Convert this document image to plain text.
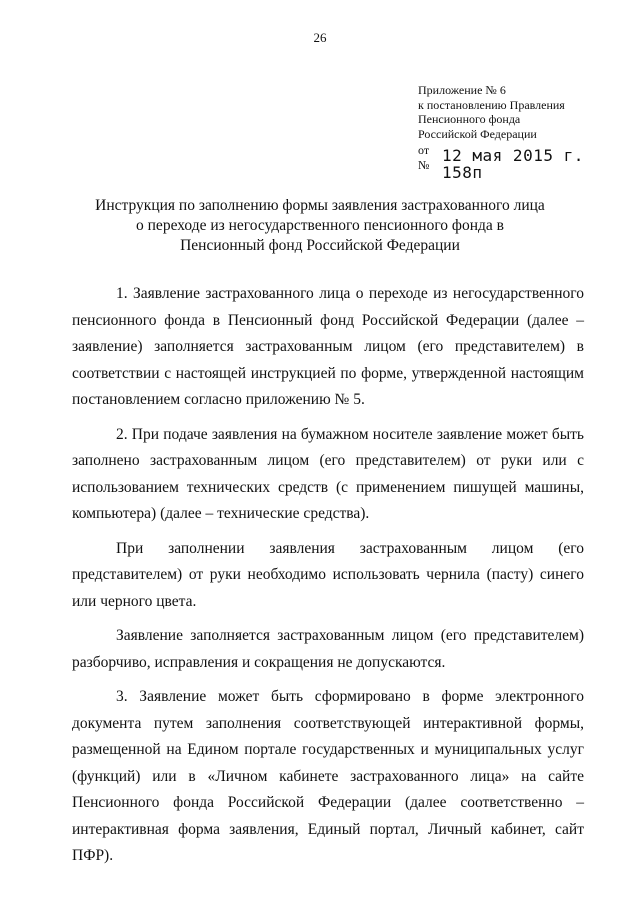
26
Приложение № 6
к постановлению Правления
Пенсионного фонда
Российской Федерации
от 12 мая 2015 г.
№ 158п
Инструкция по заполнению формы заявления застрахованного лица
о переходе из негосударственного пенсионного фонда в
Пенсионный фонд Российской Федерации

1. Заявление застрахованного лица о переходе из негосударственного пенсионного фонда в Пенсионный фонд Российской Федерации (далее – заявление) заполняется застрахованным лицом (его представителем) в соответствии с настоящей инструкцией по форме, утвержденной настоящим постановлением согласно приложению № 5.

2. При подаче заявления на бумажном носителе заявление может быть заполнено застрахованным лицом (его представителем) от руки или с использованием технических средств (с применением пишущей машины, компьютера) (далее – технические средства).

При заполнении заявления застрахованным лицом (его представителем) от руки необходимо использовать чернила (пасту) синего или черного цвета.

Заявление заполняется застрахованным лицом (его представителем) разборчиво, исправления и сокращения не допускаются.

3. Заявление может быть сформировано в форме электронного документа путем заполнения соответствующей интерактивной формы, размещенной на Едином портале государственных и муниципальных услуг (функций) или в «Личном кабинете застрахованного лица» на сайте Пенсионного фонда Российской Федерации (далее соответственно – интерактивная форма заявления, Единый портал, Личный кабинет, сайт ПФР).
